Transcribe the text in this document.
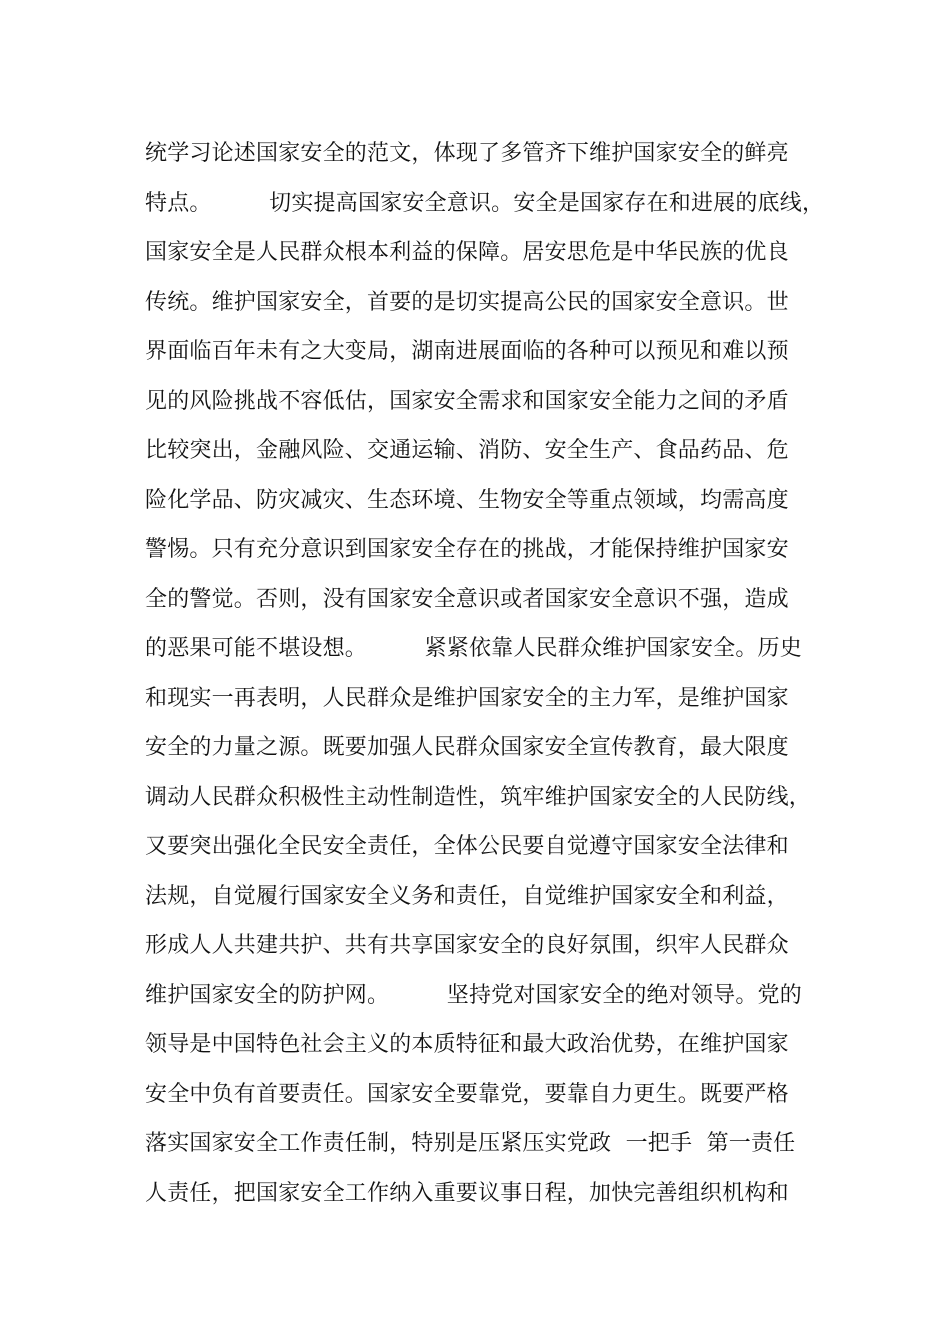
统学习论述国家安全的范文，体现了多管齐下维护国家安全的鲜亮
特点。        切实提高国家安全意识。安全是国家存在和进展的底线，
国家安全是人民群众根本利益的保障。居安思危是中华民族的优良
传统。维护国家安全，首要的是切实提高公民的国家安全意识。世
界面临百年未有之大变局，湖南进展面临的各种可以预见和难以预
见的风险挑战不容低估，国家安全需求和国家安全能力之间的矛盾
比较突出，金融风险、交通运输、消防、安全生产、食品药品、危
险化学品、防灾减灾、生态环境、生物安全等重点领域，均需高度
警惕。只有充分意识到国家安全存在的挑战，才能保持维护国家安
全的警觉。否则，没有国家安全意识或者国家安全意识不强，造成
的恶果可能不堪设想。        紧紧依靠人民群众维护国家安全。历史
和现实一再表明，人民群众是维护国家安全的主力军，是维护国家
安全的力量之源。既要加强人民群众国家安全宣传教育，最大限度
调动人民群众积极性主动性制造性，筑牢维护国家安全的人民防线，
又要突出强化全民安全责任，全体公民要自觉遵守国家安全法律和
法规，自觉履行国家安全义务和责任，自觉维护国家安全和利益，
形成人人共建共护、共有共享国家安全的良好氛围，织牢人民群众
维护国家安全的防护网。        坚持党对国家安全的绝对领导。党的
领导是中国特色社会主义的本质特征和最大政治优势，在维护国家
安全中负有首要责任。国家安全要靠党，要靠自力更生。既要严格
落实国家安全工作责任制，特别是压紧压实党政  一把手  第一责任
人责任，把国家安全工作纳入重要议事日程，加快完善组织机构和
